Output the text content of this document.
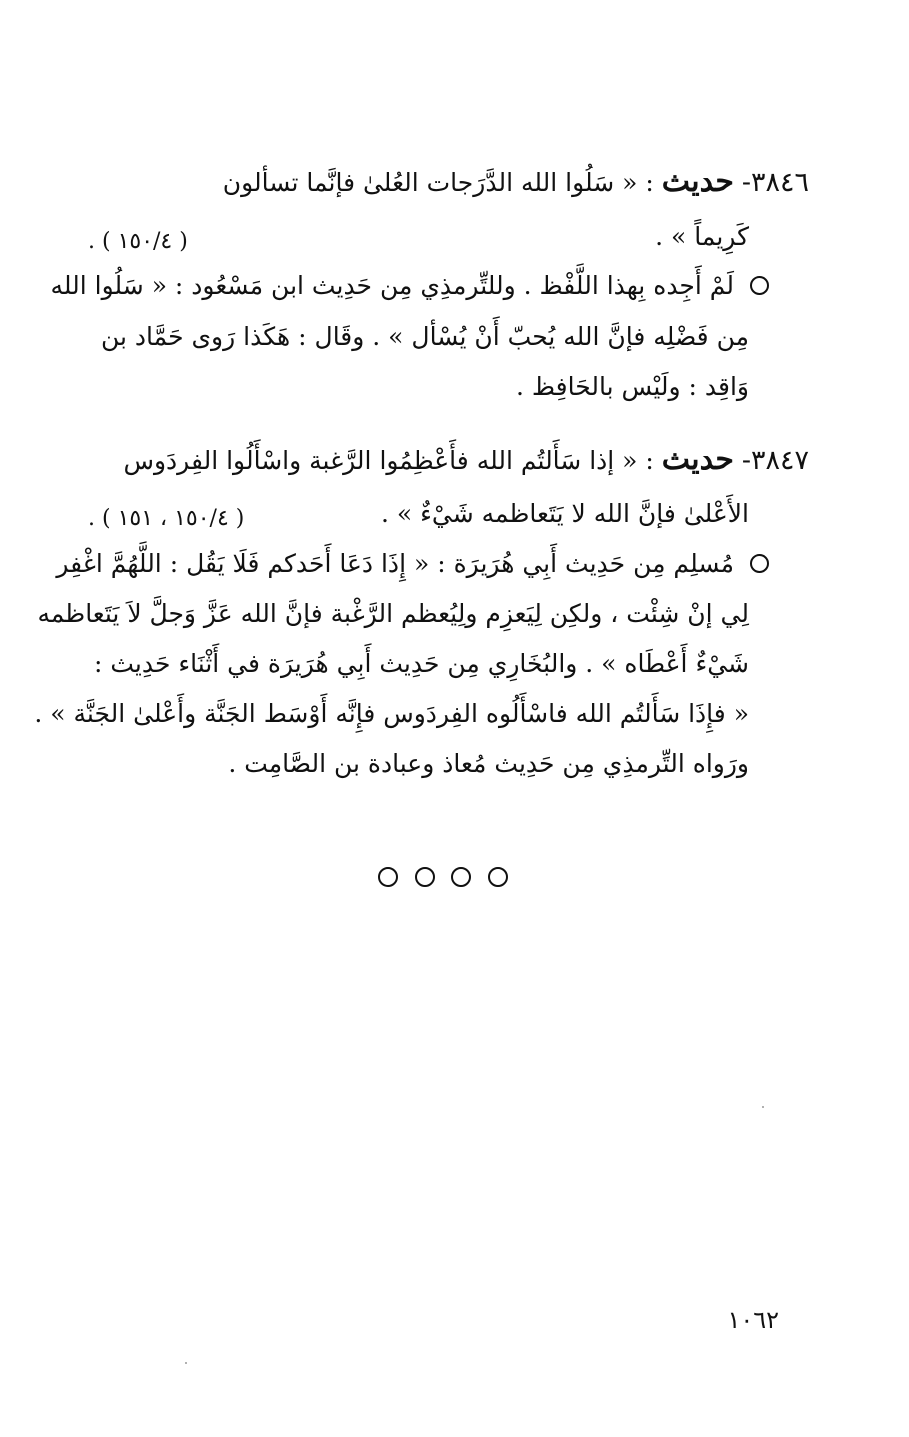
٣٨٤٦- حديث : « سَلُوا الله الدَّرَجات العُلىٰ فإنَّما تسألون
كَرِيماً » .
( ١٥٠/٤ ) .
لَمْ أَجِده بِهذا اللَّفْظ . وللتِّرمذِي مِن حَدِيث ابن مَسْعُود : « سَلُوا الله
مِن فَضْلِه فإنَّ الله يُحبّ أَنْ يُسْأل » . وقَال : هَكَذا رَوى حَمَّاد بن
وَاقِد : ولَيْس بالحَافِظ .
٣٨٤٧- حديث : « إذا سَأَلتُم الله فأَعْظِمُوا الرَّغبة واسْأَلُوا الفِردَوس
الأَعْلىٰ فإنَّ الله لا يَتَعاظمه شَيْءٌ » .
( ١٥٠/٤ ، ١٥١ ) .
مُسلِم مِن حَدِيث أَبِي هُرَيرَة : « إِذَا دَعَا أَحَدكم فَلَا يَقُل : اللَّهُمَّ اغْفِر
لِي إنْ شِئْت ، ولكِن لِيَعزِم ولِيُعظم الرَّغْبة فإنَّ الله عَزَّ وَجلَّ لاَ يَتَعاظمه
شَيْءٌ أَعْطَاه » . والبُخَارِي مِن حَدِيث أَبِي هُرَيرَة في أَثْنَاء حَدِيث :
« فإِذَا سَأَلتُم الله فاسْأَلُوه الفِردَوس فإِنَّه أَوْسَط الجَنَّة وأَعْلىٰ الجَنَّة » .
ورَواه التِّرمذِي مِن حَدِيث مُعاذ وعبادة بن الصَّامِت .
١٠٦٢
